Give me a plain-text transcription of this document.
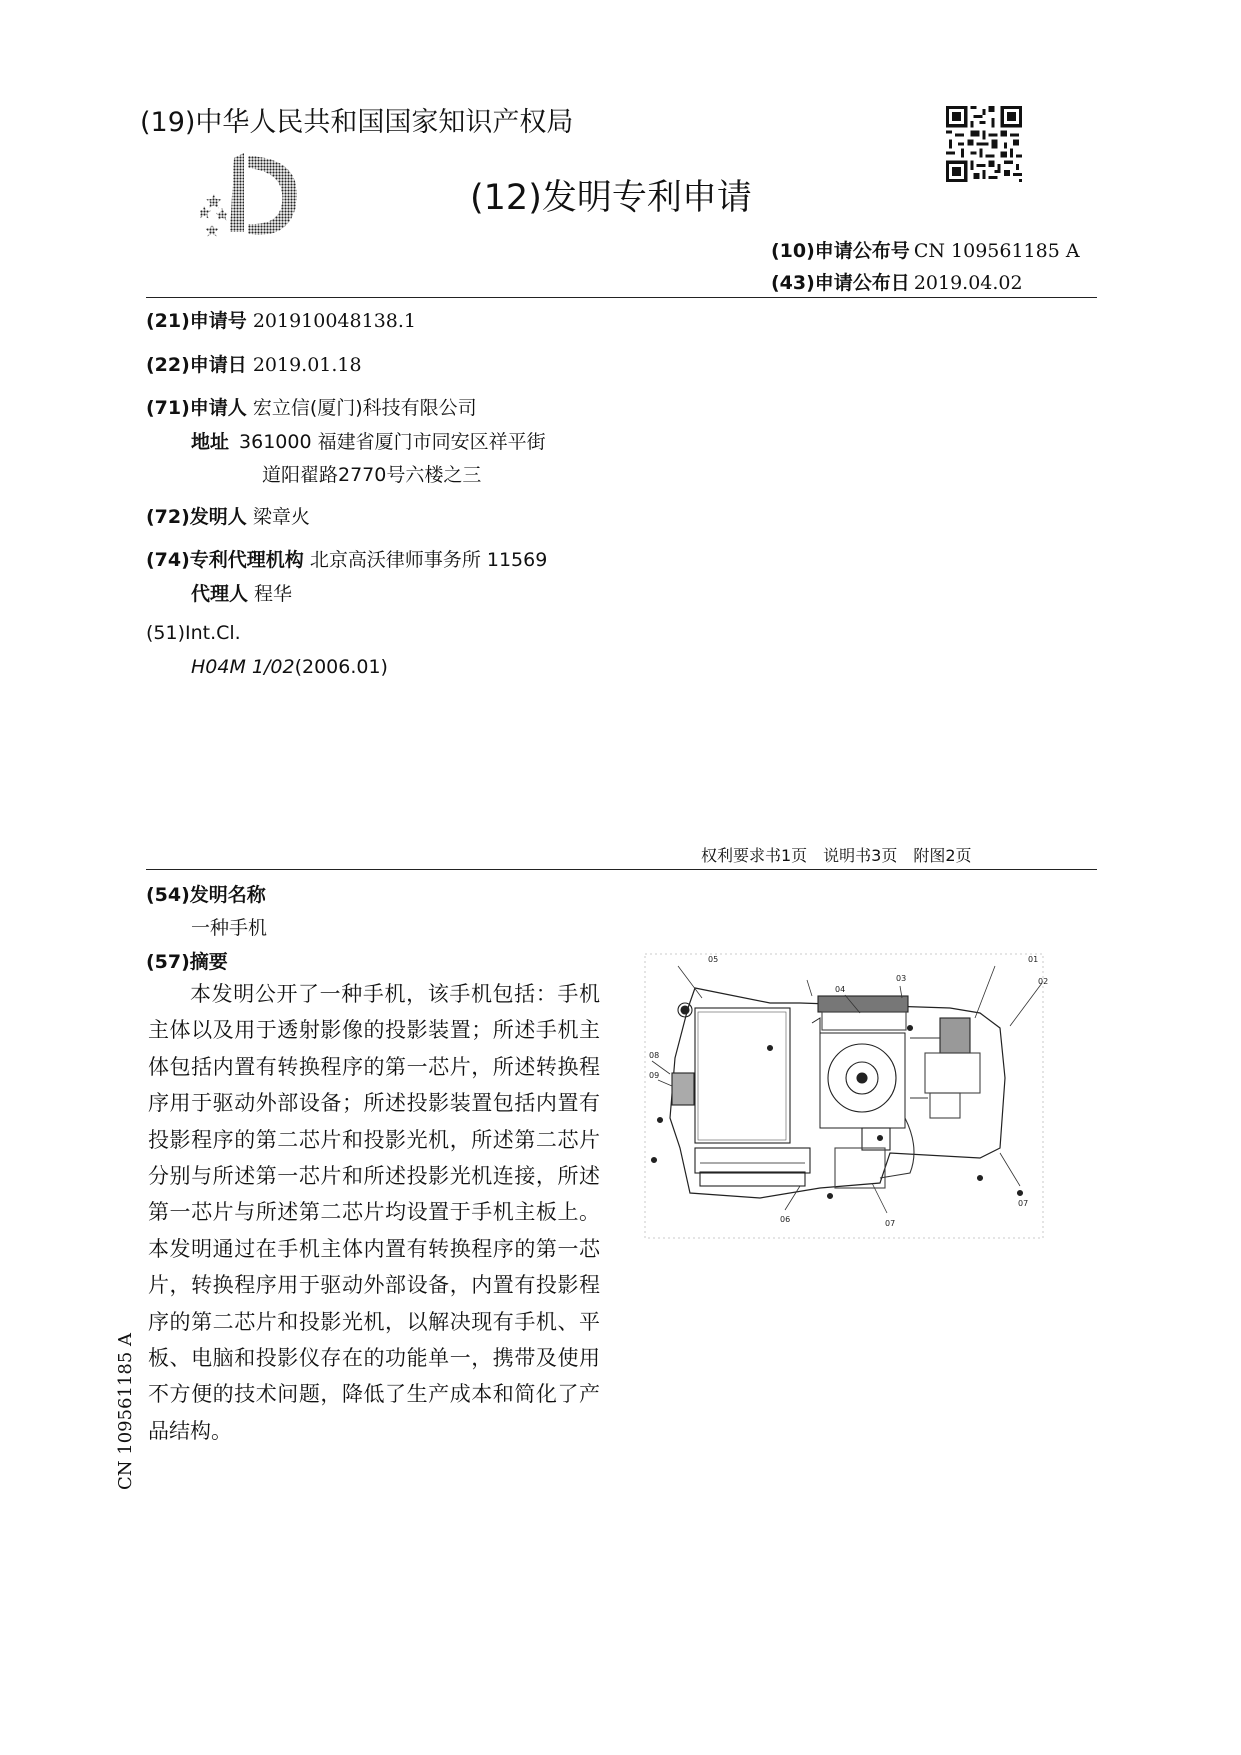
(19)中华人民共和国国家知识产权局
(12)发明专利申请
(10)申请公布号 CN 109561185 A
(43)申请公布日 2019.04.02
(21)申请号 201910048138.1
(22)申请日 2019.01.18
(71)申请人 宏立信(厦门)科技有限公司
地址 361000 福建省厦门市同安区祥平街
道阳翟路2770号六楼之三
(72)发明人 梁章火
(74)专利代理机构 北京高沃律师事务所 11569
代理人 程华
(51)Int.Cl.
H04M 1/02(2006.01)
权利要求书1页　说明书3页　附图2页
(54)发明名称
一种手机
(57)摘要

本发明公开了一种手机，该手机包括：手机主体以及用于透射影像的投影装置；所述手机主体包括内置有转换程序的第一芯片，所述转换程序用于驱动外部设备；所述投影装置包括内置有投影程序的第二芯片和投影光机，所述第二芯片分别与所述第一芯片和所述投影光机连接，所述第一芯片与所述第二芯片均设置于手机主板上。本发明通过在手机主体内置有转换程序的第一芯片，转换程序用于驱动外部设备，内置有投影程序的第二芯片和投影光机，以解决现有手机、平板、电脑和投影仪存在的功能单一，携带及使用不方便的技术问题，降低了生产成本和简化了产品结构。

05
03
04
01
02
08
09
07
06	07
CN 109561185 A
